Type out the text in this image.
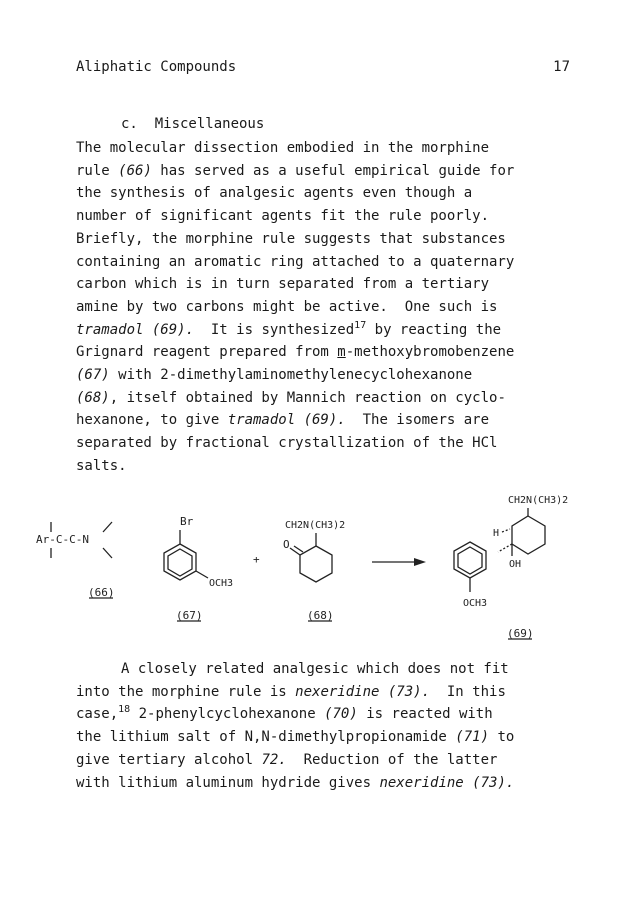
Aliphatic Compounds	17
c.  Miscellaneous

The molecular dissection embodied in the morphine
rule (66) has served as a useful empirical guide for
the synthesis of analgesic agents even though a
number of significant agents fit the rule poorly.
Briefly, the morphine rule suggests that substances
containing an aromatic ring attached to a quaternary
carbon which is in turn separated from a tertiary
amine by two carbons might be active.  One such is
tramadol (69).  It is synthesized$^{17}$ by reacting the
Grignard reagent prepared from m-methoxybromobenzene
(67) with 2-dimethylaminomethylenecyclohexanone
(68), itself obtained by Mannich reaction on cyclo-
hexanone, to give tramadol (69).  The isomers are
separated by fractional crystallization of the HCl
salts.

Ar-C-C-N
(66)
Br
OCH3
(67)
+
CH2N(CH3)2
O
(68)
CH2N(CH3)2
H
OH
OCH3
(69)

A closely related analgesic which does not fit
into the morphine rule is nexeridine (73).  In this
case,$^{18}$ 2-phenylcyclohexanone (70) is reacted with
the lithium salt of N,N-dimethylpropionamide (71) to
give tertiary alcohol 72.  Reduction of the latter
with lithium aluminum hydride gives nexeridine (73).
